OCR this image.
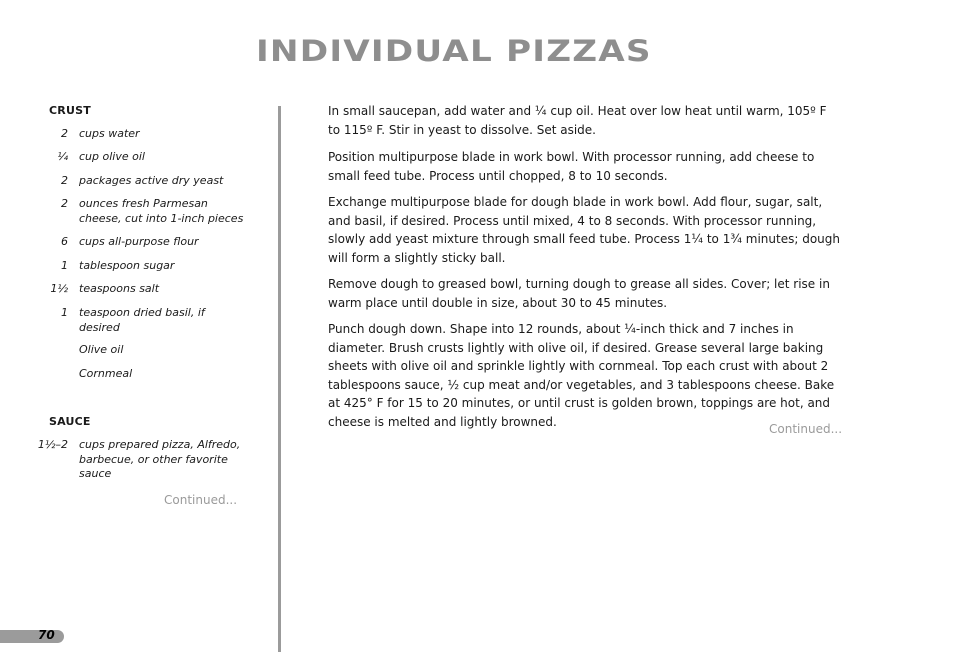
INDIVIDUAL PIZZAS
CRUST
2 cups water
¼ cup olive oil
2 packages active dry yeast
2 ounces fresh Parmesan cheese, cut into 1-inch pieces
6 cups all-purpose flour
1 tablespoon sugar
1½ teaspoons salt
1 teaspoon dried basil, if desired
Olive oil
Cornmeal
SAUCE
1½–2 cups prepared pizza, Alfredo, barbecue, or other favorite sauce
Continued...

In small saucepan, add water and ¼ cup oil. Heat over low heat until warm, 105º F to 115º F. Stir in yeast to dissolve. Set aside.

Position multipurpose blade in work bowl. With processor running, add cheese to small feed tube. Process until chopped, 8 to 10 seconds.

Exchange multipurpose blade for dough blade in work bowl. Add flour, sugar, salt, and basil, if desired. Process until mixed, 4 to 8 seconds. With processor running, slowly add yeast mixture through small feed tube. Process 1¼ to 1¾ minutes; dough will form a slightly sticky ball.

Remove dough to greased bowl, turning dough to grease all sides. Cover; let rise in warm place until double in size, about 30 to 45 minutes.

Punch dough down. Shape into 12 rounds, about ¼-inch thick and 7 inches in diameter. Brush crusts lightly with olive oil, if desired. Grease several large baking sheets with olive oil and sprinkle lightly with cornmeal. Top each crust with about 2 tablespoons sauce, ½ cup meat and/or vegetables, and 3 tablespoons cheese. Bake at 425° F for 15 to 20 minutes, or until crust is golden brown, toppings are hot, and cheese is melted and lightly browned.

Continued...
70
